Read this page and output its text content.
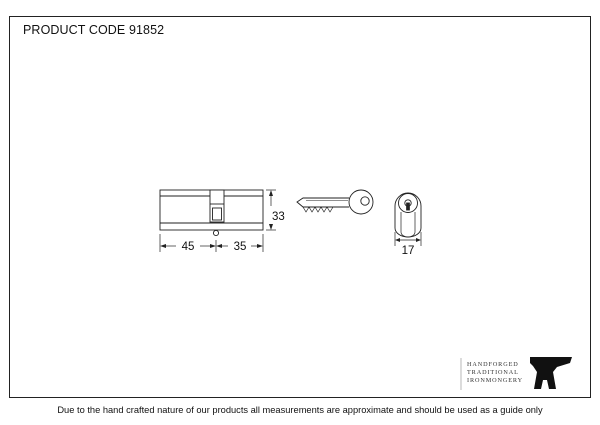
PRODUCT CODE 91852
45	35
33
17
HANDFORGED
TRADITIONAL
IRONMONGERY
Due to the hand crafted nature of our products all measurements are approximate and should be used as a guide only
